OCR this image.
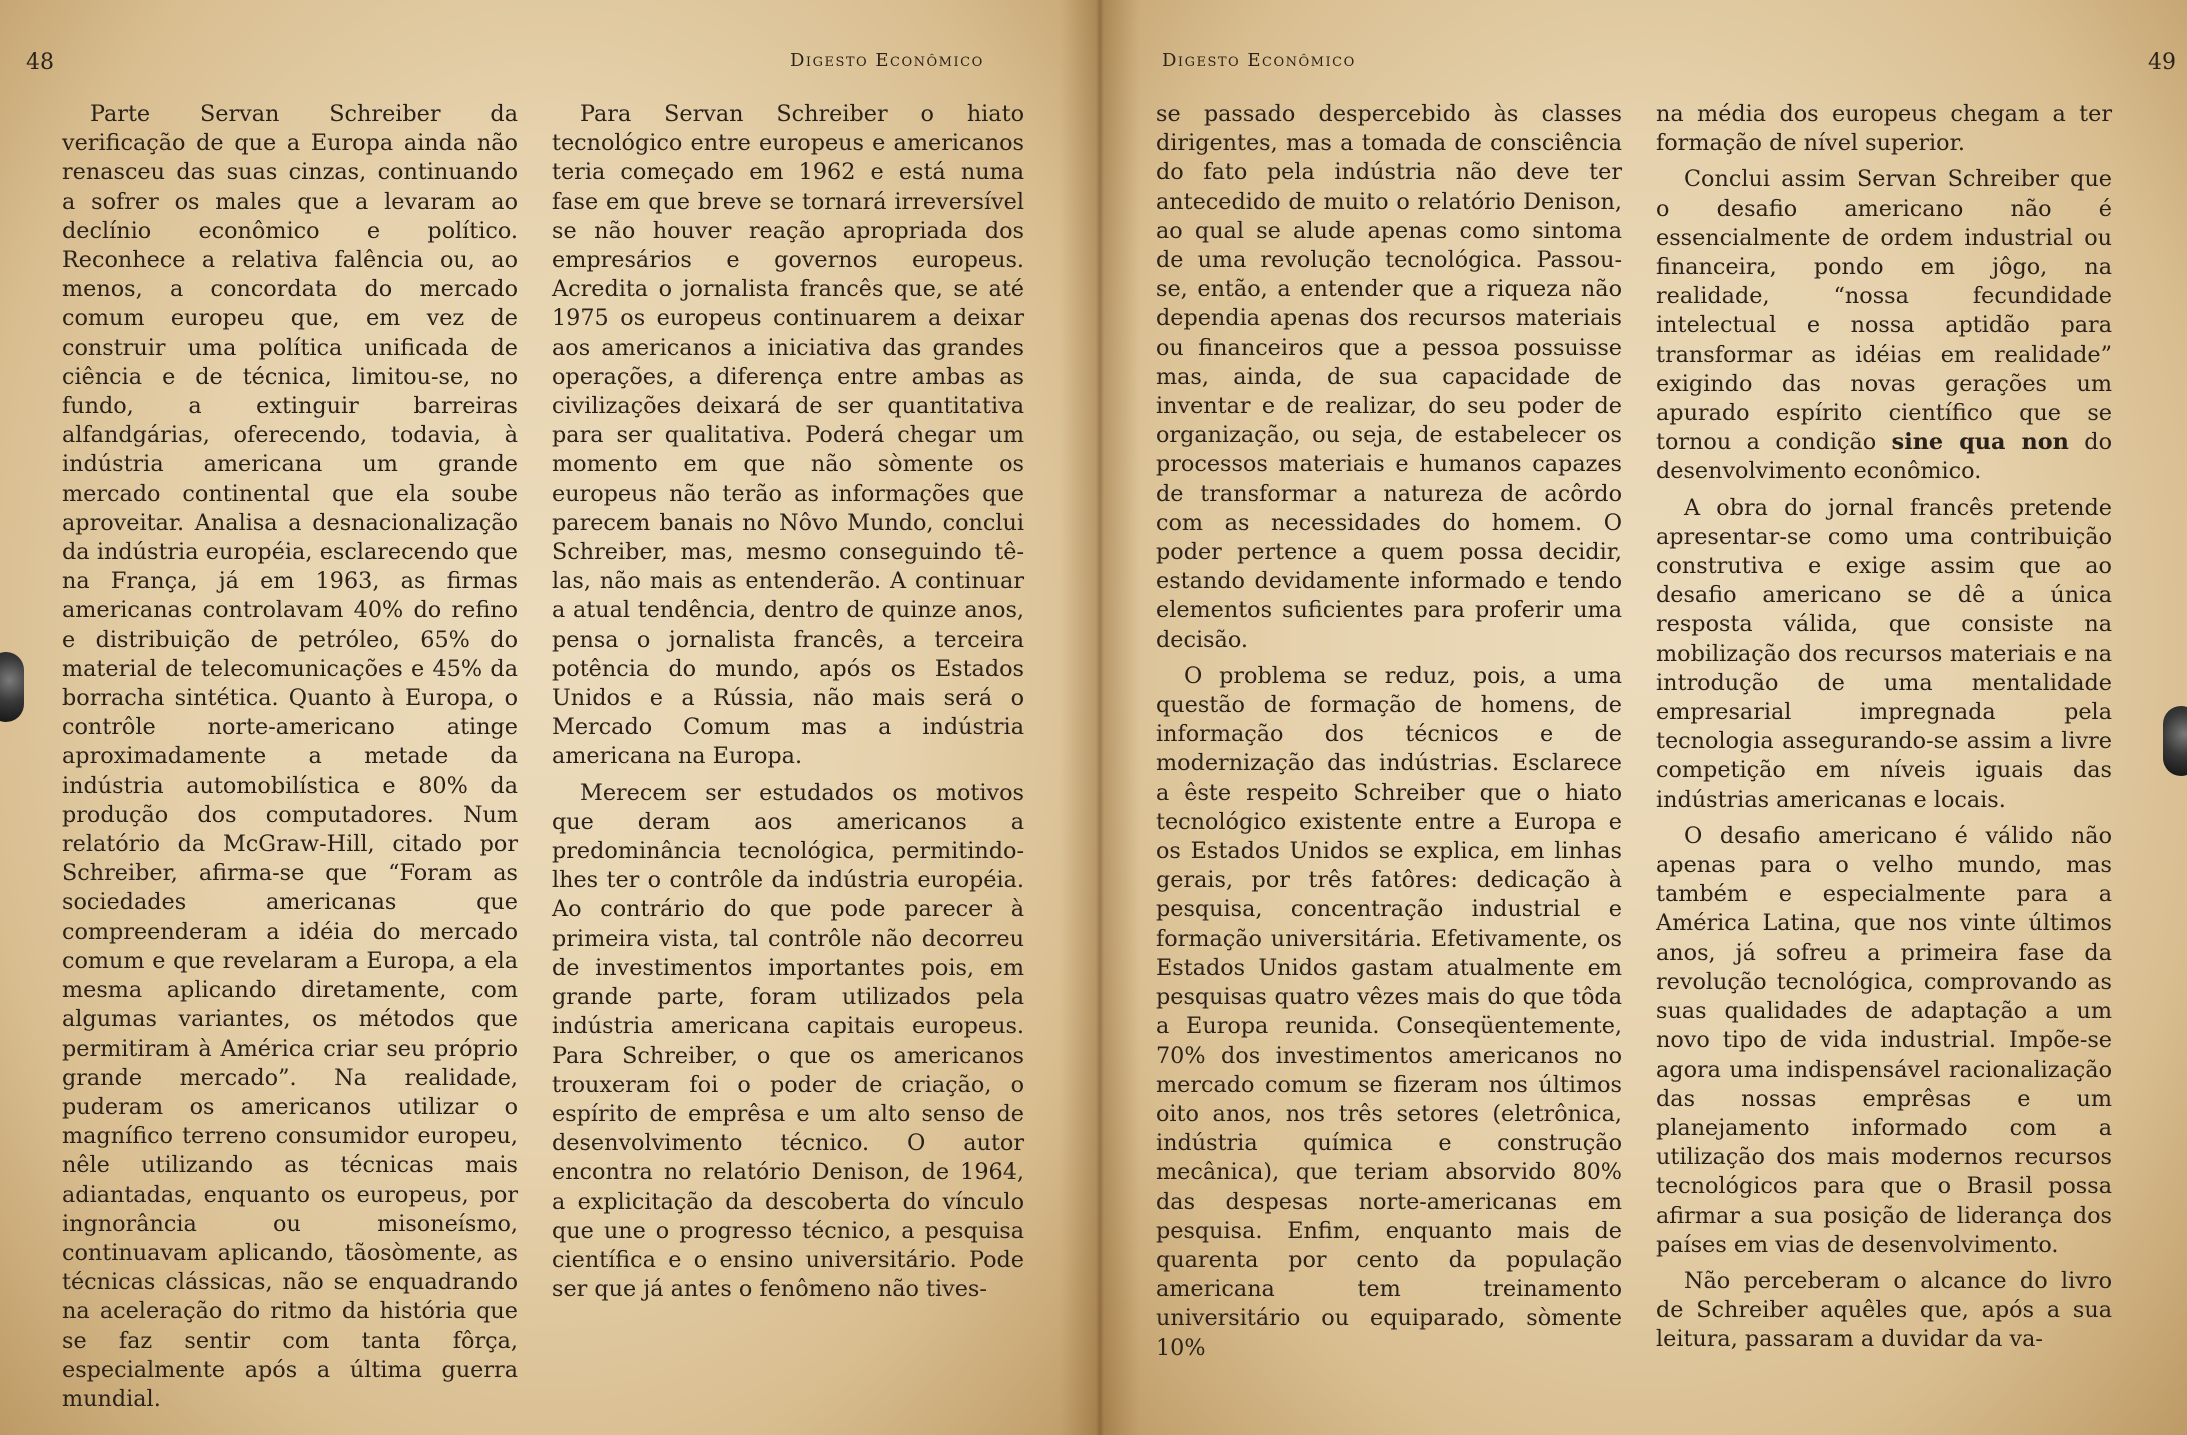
48	Digesto Econômico

Parte Servan Schreiber da verificação de que a Europa ainda não renasceu das suas cinzas, continuando a sofrer os males que a levaram ao declínio econômico e político. Reconhece a relativa falência ou, ao menos, a concordata do mercado comum europeu que, em vez de construir uma política unificada de ciência e de técnica, limitou-se, no fundo, a extinguir barreiras alfandgárias, oferecendo, todavia, à indústria americana um grande mercado continental que ela soube aproveitar. Analisa a desnacionalização da indústria européia, esclarecendo que na França, já em 1963, as firmas americanas controlavam 40% do refino e distribuição de petróleo, 65% do material de telecomunicações e 45% da borracha sintética. Quanto à Europa, o contrôle norte-americano atinge aproximadamente a metade da indústria automobilística e 80% da produção dos computadores. Num relatório da McGraw-Hill, citado por Schreiber, afirma-se que “Foram as sociedades americanas que compreenderam a idéia do mercado comum e que revelaram a Europa, a ela mesma aplicando diretamente, com algumas variantes, os métodos que permitiram à América criar seu próprio grande mercado”. Na realidade, puderam os americanos utilizar o magnífico terreno consumidor europeu, nêle utilizando as técnicas mais adiantadas, enquanto os europeus, por ingnorância ou misoneísmo, continuavam aplicando, tãosòmente, as técnicas clássicas, não se enquadrando na aceleração do ritmo da história que se faz sentir com tanta fôrça, especialmente após a última guerra mundial.

Para Servan Schreiber o hiato tecnológico entre europeus e americanos teria começado em 1962 e está numa fase em que breve se tornará irreversível se não houver reação apropriada dos empresários e governos europeus. Acredita o jornalista francês que, se até 1975 os europeus continuarem a deixar aos americanos a iniciativa das grandes operações, a diferença entre ambas as civilizações deixará de ser quantitativa para ser qualitativa. Poderá chegar um momento em que não sòmente os europeus não terão as informações que parecem banais no Nôvo Mundo, conclui Schreiber, mas, mesmo conseguindo tê-las, não mais as entenderão. A continuar a atual tendência, dentro de quinze anos, pensa o jornalista francês, a terceira potência do mundo, após os Estados Unidos e a Rússia, não mais será o Mercado Comum mas a indústria americana na Europa.

Merecem ser estudados os motivos que deram aos americanos a predominância tecnológica, permitindo-lhes ter o contrôle da indústria européia. Ao contrário do que pode parecer à primeira vista, tal contrôle não decorreu de investimentos importantes pois, em grande parte, foram utilizados pela indústria americana capitais europeus. Para Schreiber, o que os americanos trouxeram foi o poder de criação, o espírito de emprêsa e um alto senso de desenvolvimento técnico. O autor encontra no relatório Denison, de 1964, a explicitação da descoberta do vínculo que une o progresso técnico, a pesquisa científica e o ensino universitário. Pode ser que já antes o fenômeno não tives-

Digesto Econômico	49

se passado despercebido às classes dirigentes, mas a tomada de consciência do fato pela indústria não deve ter antecedido de muito o relatório Denison, ao qual se alude apenas como sintoma de uma revolução tecnológica. Passou-se, então, a entender que a riqueza não dependia apenas dos recursos materiais ou financeiros que a pessoa possuisse mas, ainda, de sua capacidade de inventar e de realizar, do seu poder de organização, ou seja, de estabelecer os processos materiais e humanos capazes de transformar a natureza de acôrdo com as necessidades do homem. O poder pertence a quem possa decidir, estando devidamente informado e tendo elementos suficientes para proferir uma decisão.

O problema se reduz, pois, a uma questão de formação de homens, de informação dos técnicos e de modernização das indústrias. Esclarece a êste respeito Schreiber que o hiato tecnológico existente entre a Europa e os Estados Unidos se explica, em linhas gerais, por três fatôres: dedicação à pesquisa, concentração industrial e formação universitária. Efetivamente, os Estados Unidos gastam atualmente em pesquisas quatro vêzes mais do que tôda a Europa reunida. Conseqüentemente, 70% dos investimentos americanos no mercado comum se fizeram nos últimos oito anos, nos três setores (eletrônica, indústria química e construção mecânica), que teriam absorvido 80% das despesas norte-americanas em pesquisa. Enfim, enquanto mais de quarenta por cento da população americana tem treinamento universitário ou equiparado, sòmente 10%

na média dos europeus chegam a ter formação de nível superior.

Conclui assim Servan Schreiber que o desafio americano não é essencialmente de ordem industrial ou financeira, pondo em jôgo, na realidade, “nossa fecundidade intelectual e nossa aptidão para transformar as idéias em realidade” exigindo das novas gerações um apurado espírito científico que se tornou a condição sine qua non do desenvolvimento econômico.

A obra do jornal francês pretende apresentar-se como uma contribuição construtiva e exige assim que ao desafio americano se dê a única resposta válida, que consiste na mobilização dos recursos materiais e na introdução de uma mentalidade empresarial impregnada pela tecnologia assegurando-se assim a livre competição em níveis iguais das indústrias americanas e locais.

O desafio americano é válido não apenas para o velho mundo, mas também e especialmente para a América Latina, que nos vinte últimos anos, já sofreu a primeira fase da revolução tecnológica, comprovando as suas qualidades de adaptação a um novo tipo de vida industrial. Impõe-se agora uma indispensável racionalização das nossas emprêsas e um planejamento informado com a utilização dos mais modernos recursos tecnológicos para que o Brasil possa afirmar a sua posição de liderança dos países em vias de desenvolvimento.

Não perceberam o alcance do livro de Schreiber aquêles que, após a sua leitura, passaram a duvidar da va-
